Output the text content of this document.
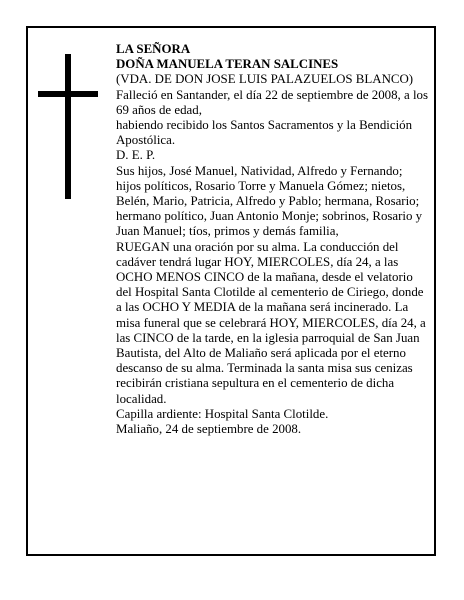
LA SEÑORA

DOÑA MANUELA TERAN SALCINES

(VDA. DE DON JOSE LUIS PALAZUELOS BLANCO)

Falleció en Santander, el día 22 de septiembre de 2008, a los 69 años de edad,

habiendo recibido los Santos Sacramentos y la Bendición Apostólica.

D. E. P.

Sus hijos, José Manuel, Natividad, Alfredo y Fernando; hijos políticos, Rosario Torre y Manuela Gómez; nietos, Belén, Mario, Patricia, Alfredo y Pablo; hermana, Rosario; hermano político, Juan Antonio Monje; sobrinos, Rosario y Juan Manuel; tíos, primos y demás familia,

RUEGAN una oración por su alma. La conducción del cadáver tendrá lugar HOY, MIERCOLES, día 24, a las OCHO MENOS CINCO de la mañana, desde el velatorio del Hospital Santa Clotilde al cementerio de Ciriego, donde a las OCHO Y MEDIA de la mañana será incinerado. La misa funeral que se celebrará HOY, MIERCOLES, día 24, a las CINCO de la tarde, en la iglesia parroquial de San Juan Bautista, del Alto de Maliaño será aplicada por el eterno descanso de su alma. Terminada la santa misa sus cenizas recibirán cristiana sepultura en el cementerio de dicha localidad.

Capilla ardiente: Hospital Santa Clotilde.

Maliaño, 24 de septiembre de 2008.
